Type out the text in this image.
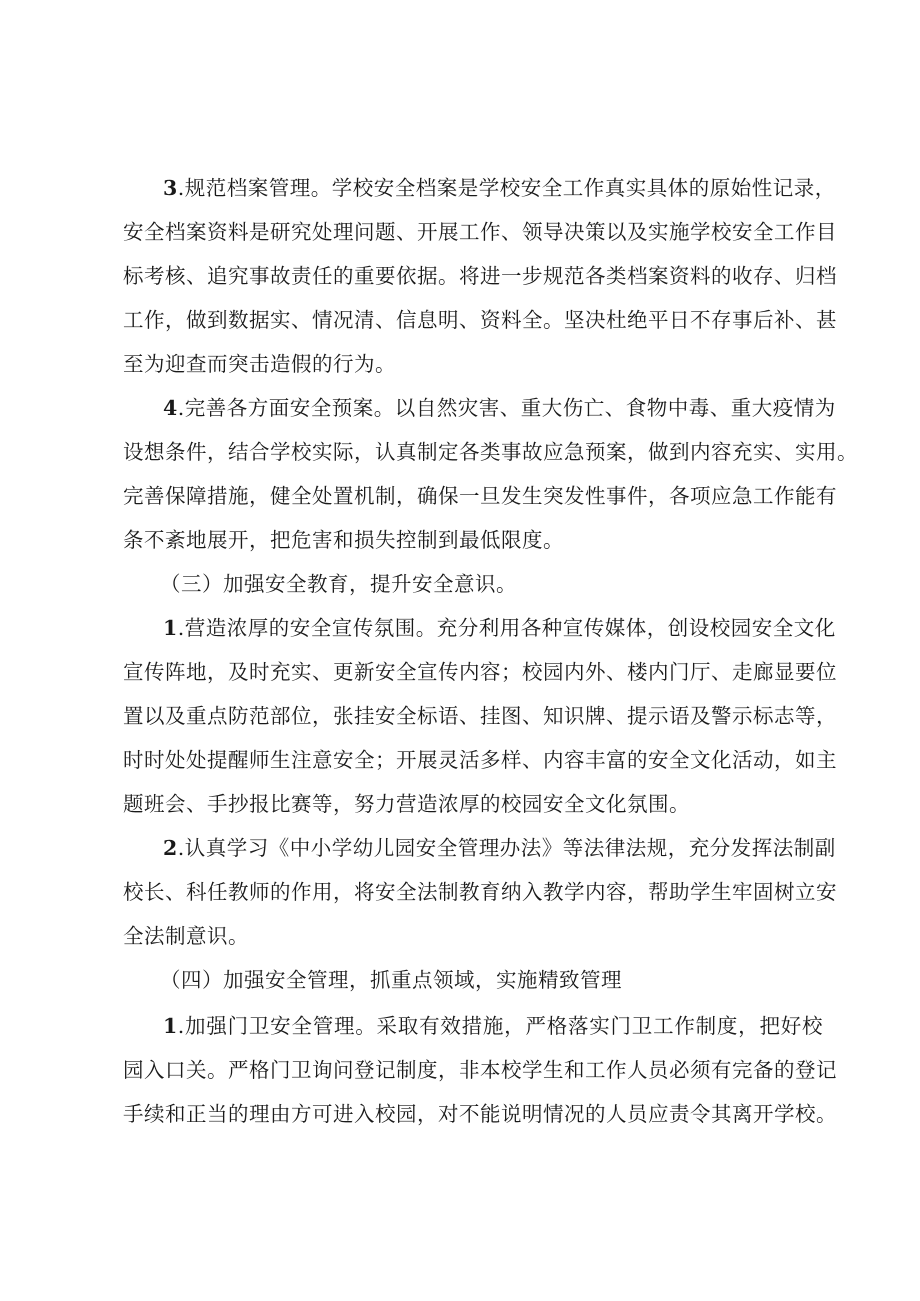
3.规范档案管理。学校安全档案是学校安全工作真实具体的原始性记录，
安全档案资料是研究处理问题、开展工作、领导决策以及实施学校安全工作目
标考核、追究事故责任的重要依据。将进一步规范各类档案资料的收存、归档
工作，做到数据实、情况清、信息明、资料全。坚决杜绝平日不存事后补、甚
至为迎查而突击造假的行为。
4.完善各方面安全预案。以自然灾害、重大伤亡、食物中毒、重大疫情为
设想条件，结合学校实际，认真制定各类事故应急预案，做到内容充实、实用。
完善保障措施，健全处置机制，确保一旦发生突发性事件，各项应急工作能有
条不紊地展开，把危害和损失控制到最低限度。
（三）加强安全教育，提升安全意识。
1.营造浓厚的安全宣传氛围。充分利用各种宣传媒体，创设校园安全文化
宣传阵地，及时充实、更新安全宣传内容；校园内外、楼内门厅、走廊显要位
置以及重点防范部位，张挂安全标语、挂图、知识牌、提示语及警示标志等，
时时处处提醒师生注意安全；开展灵活多样、内容丰富的安全文化活动，如主
题班会、手抄报比赛等，努力营造浓厚的校园安全文化氛围。
2.认真学习《中小学幼儿园安全管理办法》等法律法规，充分发挥法制副
校长、科任教师的作用，将安全法制教育纳入教学内容，帮助学生牢固树立安
全法制意识。
（四）加强安全管理，抓重点领域，实施精致管理
1.加强门卫安全管理。采取有效措施，严格落实门卫工作制度，把好校
园入口关。严格门卫询问登记制度，非本校学生和工作人员必须有完备的登记
手续和正当的理由方可进入校园，对不能说明情况的人员应责令其离开学校。
